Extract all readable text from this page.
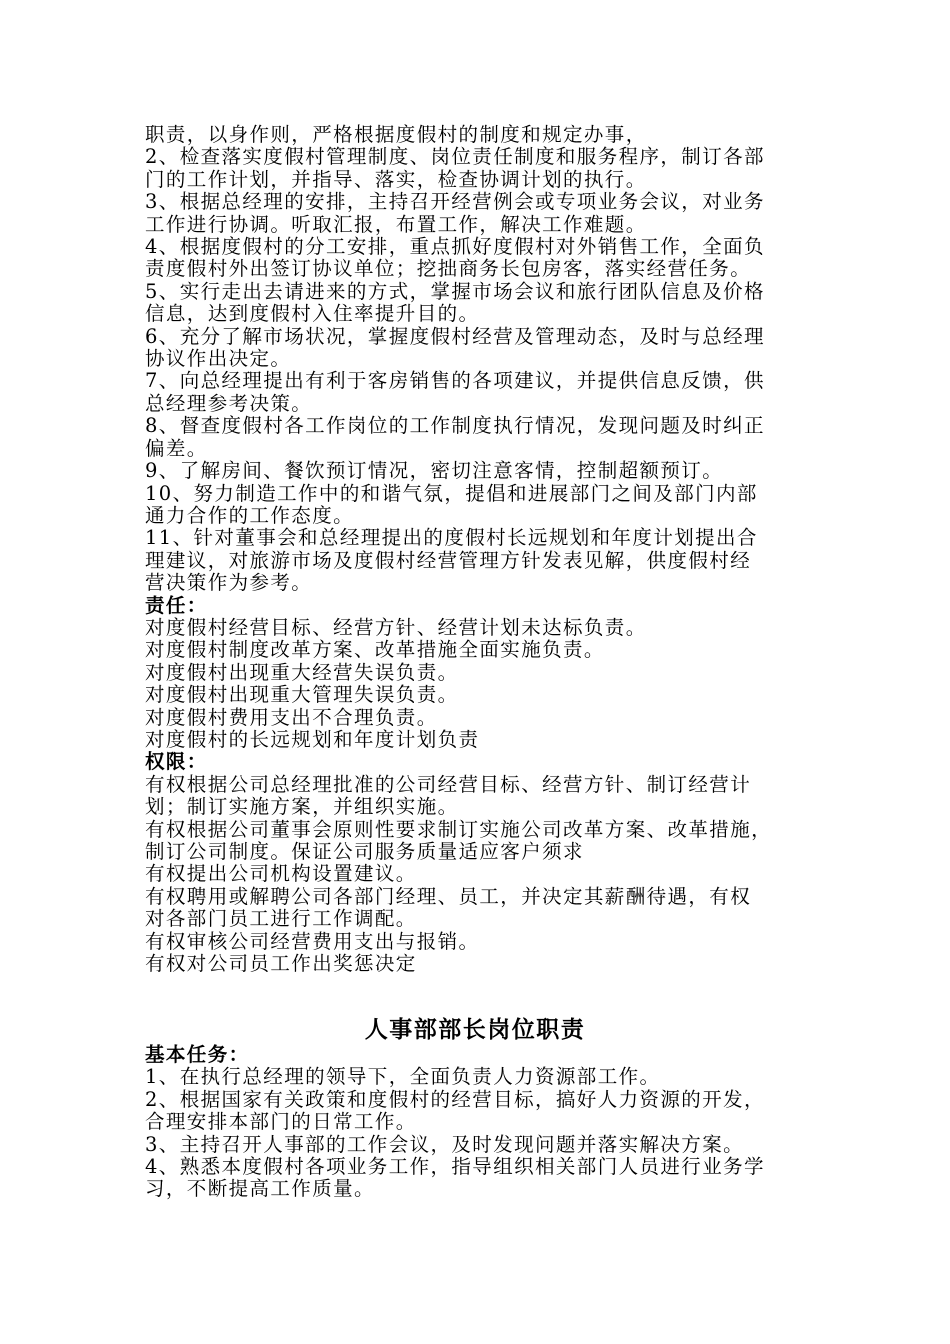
职责，以身作则，严格根据度假村的制度和规定办事，
2、检查落实度假村管理制度、岗位责任制度和服务程序，制订各部
门的工作计划，并指导、落实，检查协调计划的执行。
3、根据总经理的安排，主持召开经营例会或专项业务会议，对业务
工作进行协调。听取汇报，布置工作，解决工作难题。
4、根据度假村的分工安排，重点抓好度假村对外销售工作，全面负
责度假村外出签订协议单位；挖拙商务长包房客，落实经营任务。
5、实行走出去请进来的方式，掌握市场会议和旅行团队信息及价格
信息，达到度假村入住率提升目的。
6、充分了解市场状况，掌握度假村经营及管理动态，及时与总经理
协议作出决定。
7、向总经理提出有利于客房销售的各项建议，并提供信息反馈，供
总经理参考决策。
8、督查度假村各工作岗位的工作制度执行情况，发现问题及时纠正
偏差。
9、了解房间、餐饮预订情况，密切注意客情，控制超额预订。
10、努力制造工作中的和谐气氛，提倡和进展部门之间及部门内部
通力合作的工作态度。
11、针对董事会和总经理提出的度假村长远规划和年度计划提出合
理建议，对旅游市场及度假村经营管理方针发表见解，供度假村经
营决策作为参考。
责任：
对度假村经营目标、经营方针、经营计划未达标负责。
对度假村制度改革方案、改革措施全面实施负责。
对度假村出现重大经营失误负责。
对度假村出现重大管理失误负责。
对度假村费用支出不合理负责。
对度假村的长远规划和年度计划负责
权限：
有权根据公司总经理批准的公司经营目标、经营方针、制订经营计
划；制订实施方案，并组织实施。
有权根据公司董事会原则性要求制订实施公司改革方案、改革措施，
制订公司制度。保证公司服务质量适应客户须求
有权提出公司机构设置建议。
有权聘用或解聘公司各部门经理、员工，并决定其薪酬待遇，有权
对各部门员工进行工作调配。
有权审核公司经营费用支出与报销。
有权对公司员工作出奖惩决定
人事部部长岗位职责
基本任务：
1、在执行总经理的领导下，全面负责人力资源部工作。
2、根据国家有关政策和度假村的经营目标，搞好人力资源的开发，
合理安排本部门的日常工作。
3、主持召开人事部的工作会议，及时发现问题并落实解决方案。
4、熟悉本度假村各项业务工作，指导组织相关部门人员进行业务学
习，不断提高工作质量。
